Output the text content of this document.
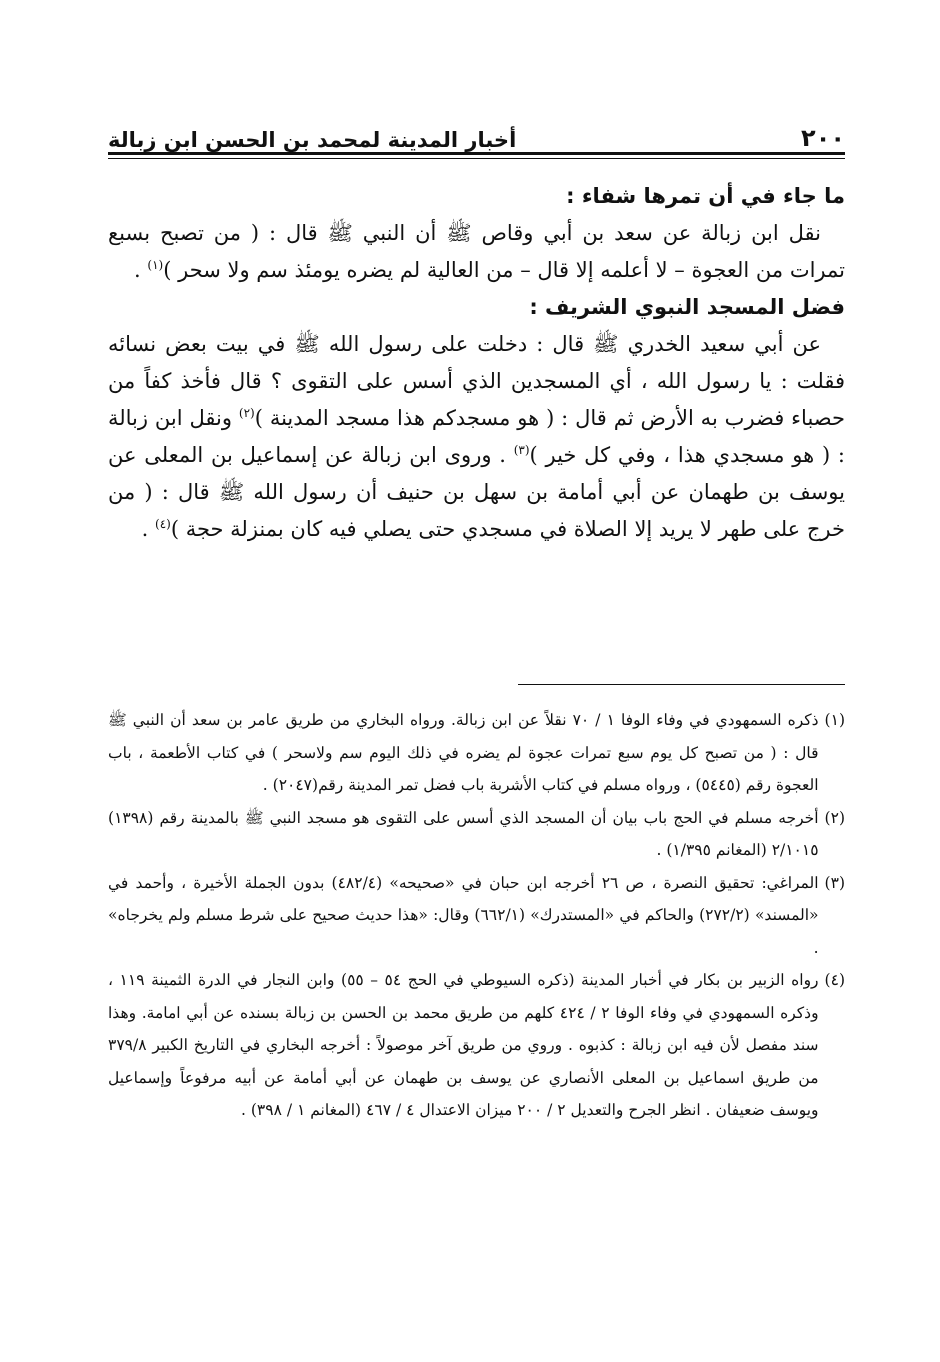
٢٠٠
أخبار المدينة لمحمد بن الحسن ابن زبالة

ما جاء في أن تمرها شفاء :

نقل ابن زبالة عن سعد بن أبي وقاص ﷺ أن النبي ﷺ قال : ( من تصبح بسبع تمرات من العجوة – لا أعلمه إلا قال – من العالية لم يضره يومئذ سم ولا سحر )$^{(١)}$ .

فضل المسجد النبوي الشريف :

عن أبي سعيد الخدري ﷺ قال : دخلت على رسول الله ﷺ في بيت بعض نسائه فقلت : يا رسول الله ، أي المسجدين الذي أسس على التقوى ؟ قال فأخذ كفاً من حصباء فضرب به الأرض ثم قال : ( هو مسجدكم هذا مسجد المدينة )$^{(٢)}$ ونقل ابن زبالة : ( هو مسجدي هذا ، وفي كل خير )$^{(٣)}$ . وروى ابن زبالة عن إسماعيل بن المعلى عن يوسف بن طهمان عن أبي أمامة بن سهل بن حنيف أن رسول الله ﷺ قال : ( من خرج على طهر لا يريد إلا الصلاة في مسجدي حتى يصلي فيه كان بمنزلة حجة )$^{(٤)}$ .

(١)
ذكره السمهودي في وفاء الوفا ١ / ٧٠ نقلاً عن ابن زبالة. ورواه البخاري من طريق عامر بن سعد أن النبي ﷺ قال : ( من تصبح كل يوم سبع تمرات عجوة لم يضره في ذلك اليوم سم ولاسحر ) في كتاب الأطعمة ، باب العجوة رقم (٥٤٤٥) ، ورواه مسلم في كتاب الأشربة باب فضل تمر المدينة رقم(٢٠٤٧) .
(٢)
أخرجه مسلم في الحج باب بيان أن المسجد الذي أسس على التقوى هو مسجد النبي ﷺ بالمدينة رقم (١٣٩٨) ٢/١٠١٥ (المغانم ١/٣٩٥) .
(٣)
المراغي: تحقيق النصرة ، ص ٢٦ أخرجه ابن حبان في «صحيحه» (٤٨٢/٤) بدون الجملة الأخيرة ، وأحمد في «المسند» (٢٧٢/٢) والحاكم في «المستدرك» (٦٦٢/١) وقال: «هذا حديث صحيح على شرط مسلم ولم يخرجاه» .
(٤)
رواه الزبير بن بكار في أخبار المدينة (ذكره السيوطي في الحج ٥٤ – ٥٥) وابن النجار في الدرة الثمينة ١١٩ ، وذكره السمهودي في وفاء الوفا ٢ / ٤٢٤ كلهم من طريق محمد بن الحسن بن زبالة بسنده عن أبي امامة. وهذا سند مفصل لأن فيه ابن زبالة : كذبوه . وروي من طريق آخر موصولاً : أخرجه البخاري في التاريخ الكبير ٣٧٩/٨ من طريق اسماعيل بن المعلى الأنصاري عن يوسف بن طهمان عن أبي أمامة عن أبيه مرفوعاً وإسماعيل ويوسف ضعيفان . انظر الجرح والتعديل ٢ / ٢٠٠ ميزان الاعتدال ٤ / ٤٦٧ (المغانم ١ / ٣٩٨) .
